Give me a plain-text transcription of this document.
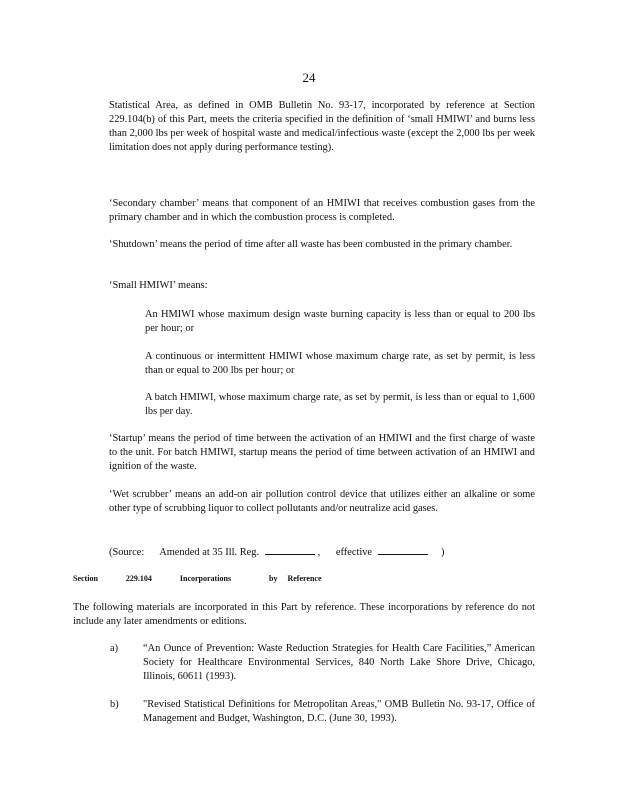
24
Statistical Area, as defined in OMB Bulletin No. 93-17, incorporated by reference at Section 229.104(b) of this Part, meets the criteria specified in the definition of ‘small HMIWI’ and burns less than 2,000 lbs per week of hospital waste and medical/infectious waste (except the 2,000 lbs per week limitation does not apply during performance testing).
‘Secondary chamber’ means that component of an HMIWI that receives combustion gases from the primary chamber and in which the combustion process is completed.
‘Shutdown’ means the period of time after all waste has been combusted in the primary chamber.
‘Small HMIWI’ means:
An HMIWI whose maximum design waste burning capacity is less than or equal to 200 lbs per hour; or
A continuous or intermittent HMIWI whose maximum charge rate, as set by permit, is less than or equal to 200 lbs per hour; or
A batch HMIWI, whose maximum charge rate, as set by permit, is less than or equal to 1,600 lbs per day.
‘Startup’ means the period of time between the activation of an HMIWI and the first charge of waste to the unit. For batch HMIWI, startup means the period of time between activation of an HMIWI and ignition of the waste.
‘Wet scrubber’ means an add-on air pollution control device that utilizes either an alkaline or some other type of scrubbing liquor to collect pollutants and/or neutralize acid gases.
(Source: Amended at 35 Ill. Reg.	, effective	)
Section	229.104	Incorporations	by Reference
The following materials are incorporated in this Part by reference. These incorporations by reference do not include any later amendments or editions.
a) “An Ounce of Prevention: Waste Reduction Strategies for Health Care Facilities,” American Society for Healthcare Environmental Services, 840 North Lake Shore Drive, Chicago, Illinois, 60611 (1993).
b) "Revised Statistical Definitions for Metropolitan Areas," OMB Bulletin No. 93-17, Office of Management and Budget, Washington, D.C. (June 30, 1993).
